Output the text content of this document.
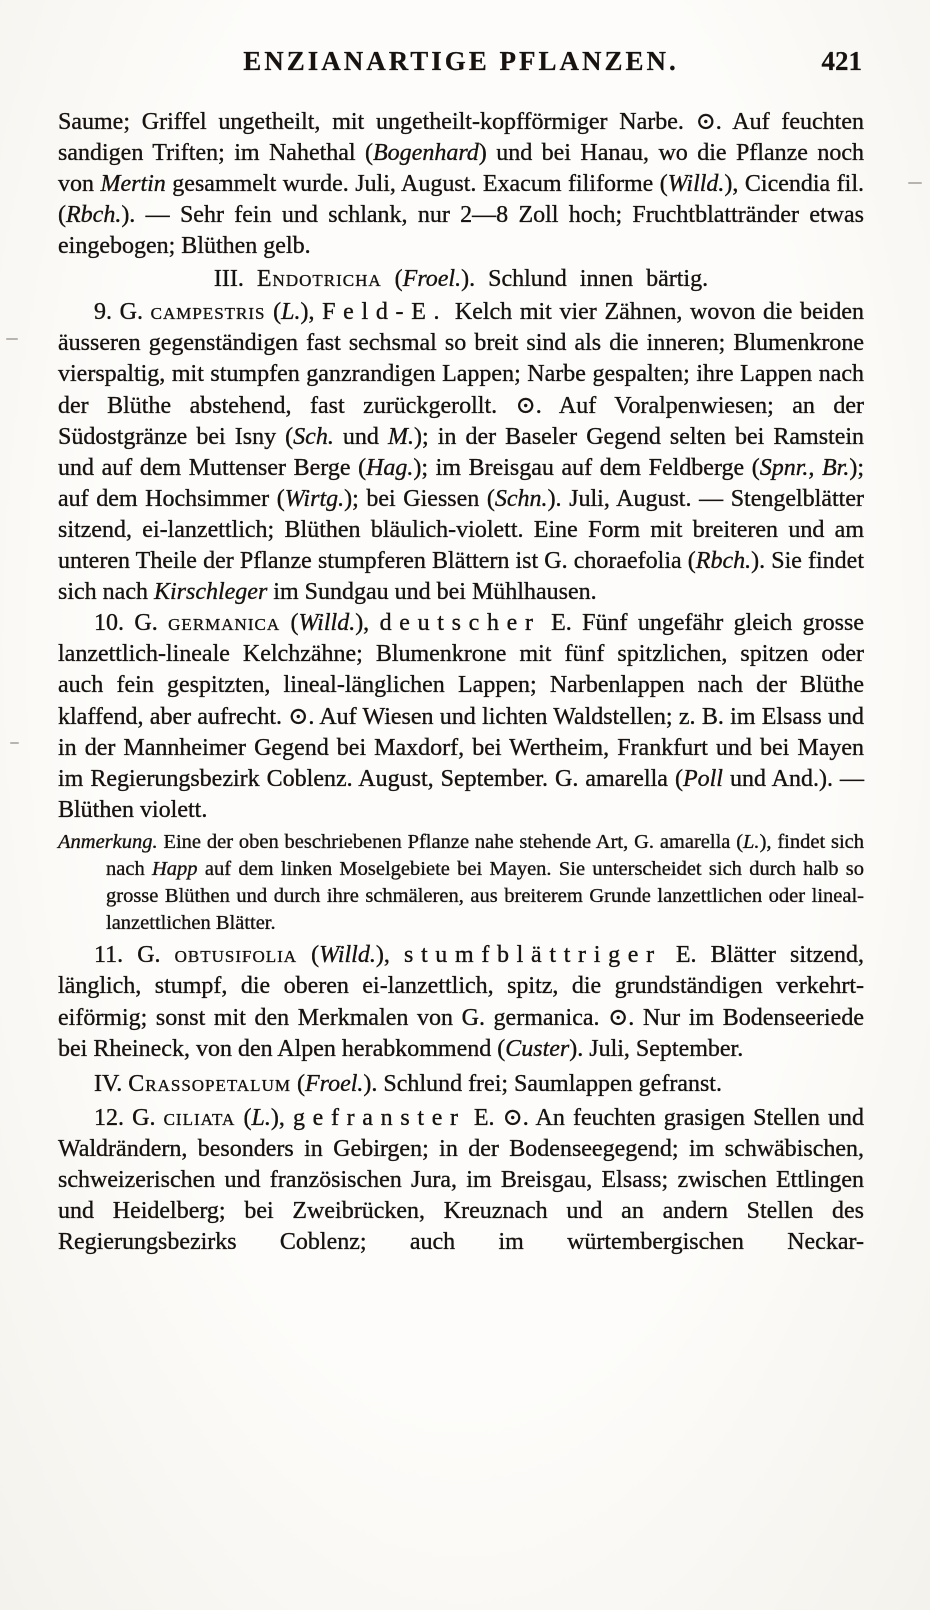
ENZIANARTIGE PFLANZEN.	421

Saume; Griffel ungetheilt, mit ungetheilt-kopfförmiger Narbe. ⊙. Auf feuchten sandigen Triften; im Nahethal (Bogenhard) und bei Hanau, wo die Pflanze noch von Mertin gesammelt wurde. Juli, August. Exacum filiforme (Willd.), Cicendia fil. (Rbch.). — Sehr fein und schlank, nur 2—8 Zoll hoch; Fruchtblattränder etwas eingebogen; Blüthen gelb.

III. Endotricha (Froel.). Schlund innen bärtig.

9. G. campestris (L.), Feld-E. Kelch mit vier Zähnen, wovon die beiden äusseren gegenständigen fast sechsmal so breit sind als die inneren; Blumenkrone vierspaltig, mit stumpfen ganzrandigen Lappen; Narbe gespalten; ihre Lappen nach der Blüthe abstehend, fast zurückgerollt. ⊙. Auf Voralpenwiesen; an der Südostgränze bei Isny (Sch. und M.); in der Baseler Gegend selten bei Ramstein und auf dem Muttenser Berge (Hag.); im Breisgau auf dem Feldberge (Spnr., Br.); auf dem Hochsimmer (Wirtg.); bei Giessen (Schn.). Juli, August. — Stengelblätter sitzend, ei-lanzettlich; Blüthen bläulich-violett. Eine Form mit breiteren und am unteren Theile der Pflanze stumpferen Blättern ist G. choraefolia (Rbch.). Sie findet sich nach Kirschleger im Sundgau und bei Mühlhausen.

10. G. germanica (Willd.), deutscher E. Fünf ungefähr gleich grosse lanzettlich-lineale Kelchzähne; Blumenkrone mit fünf spitzlichen, spitzen oder auch fein gespitzten, lineal-länglichen Lappen; Narbenlappen nach der Blüthe klaffend, aber aufrecht. ⊙. Auf Wiesen und lichten Waldstellen; z. B. im Elsass und in der Mannheimer Gegend bei Maxdorf, bei Wertheim, Frankfurt und bei Mayen im Regierungsbezirk Coblenz. August, September. G. amarella (Poll und And.). — Blüthen violett.

Anmerkung. Eine der oben beschriebenen Pflanze nahe stehende Art, G. amarella (L.), findet sich nach Happ auf dem linken Moselgebiete bei Mayen. Sie unterscheidet sich durch halb so grosse Blüthen und durch ihre schmäleren, aus breiterem Grunde lanzettlichen oder lineal-lanzettlichen Blätter.

11. G. obtusifolia (Willd.), stumfblättriger E. Blätter sitzend, länglich, stumpf, die oberen ei-lanzettlich, spitz, die grundständigen verkehrt-eiförmig; sonst mit den Merkmalen von G. germanica. ⊙. Nur im Bodenseeriede bei Rheineck, von den Alpen herabkommend (Custer). Juli, September.

IV. Crassopetalum (Froel.). Schlund frei; Saumlappen gefranst.

12. G. ciliata (L.), gefranster E. ⊙. An feuchten grasigen Stellen und Waldrändern, besonders in Gebirgen; in der Bodenseegegend; im schwäbischen, schweizerischen und französischen Jura, im Breisgau, Elsass; zwischen Ettlingen und Heidelberg; bei Zweibrücken, Kreuznach und an andern Stellen des Regierungsbezirks Coblenz; auch im würtembergischen Neckar-
